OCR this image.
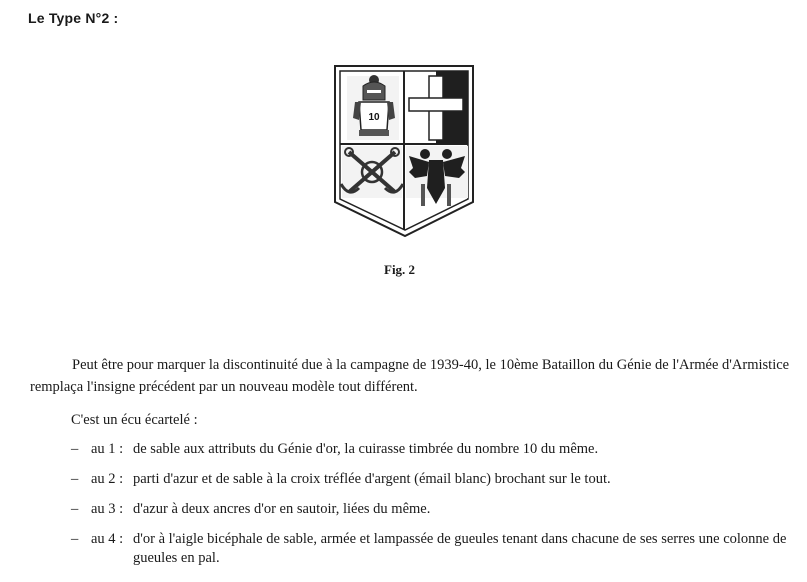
Le Type N°2 :
10
Fig. 2
Peut être pour marquer la discontinuité due à la campagne de 1939-40, le 10ème Bataillon du Génie de l'Armée d'Armistice remplaça l'insigne précédent par un nouveau modèle tout différent.
C'est un écu écartelé :
– au 1 : de sable aux attributs du Génie d'or, la cuirasse timbrée du nombre 10 du même.
– au 2 : parti d'azur et de sable à la croix tréflée d'argent (émail blanc) brochant sur le tout.
– au 3 : d'azur à deux ancres d'or en sautoir, liées du même.
– au 4 : d'or à l'aigle bicéphale de sable, armée et lampassée de gueules tenant dans chacune de ses serres une colonne de gueules en pal.
